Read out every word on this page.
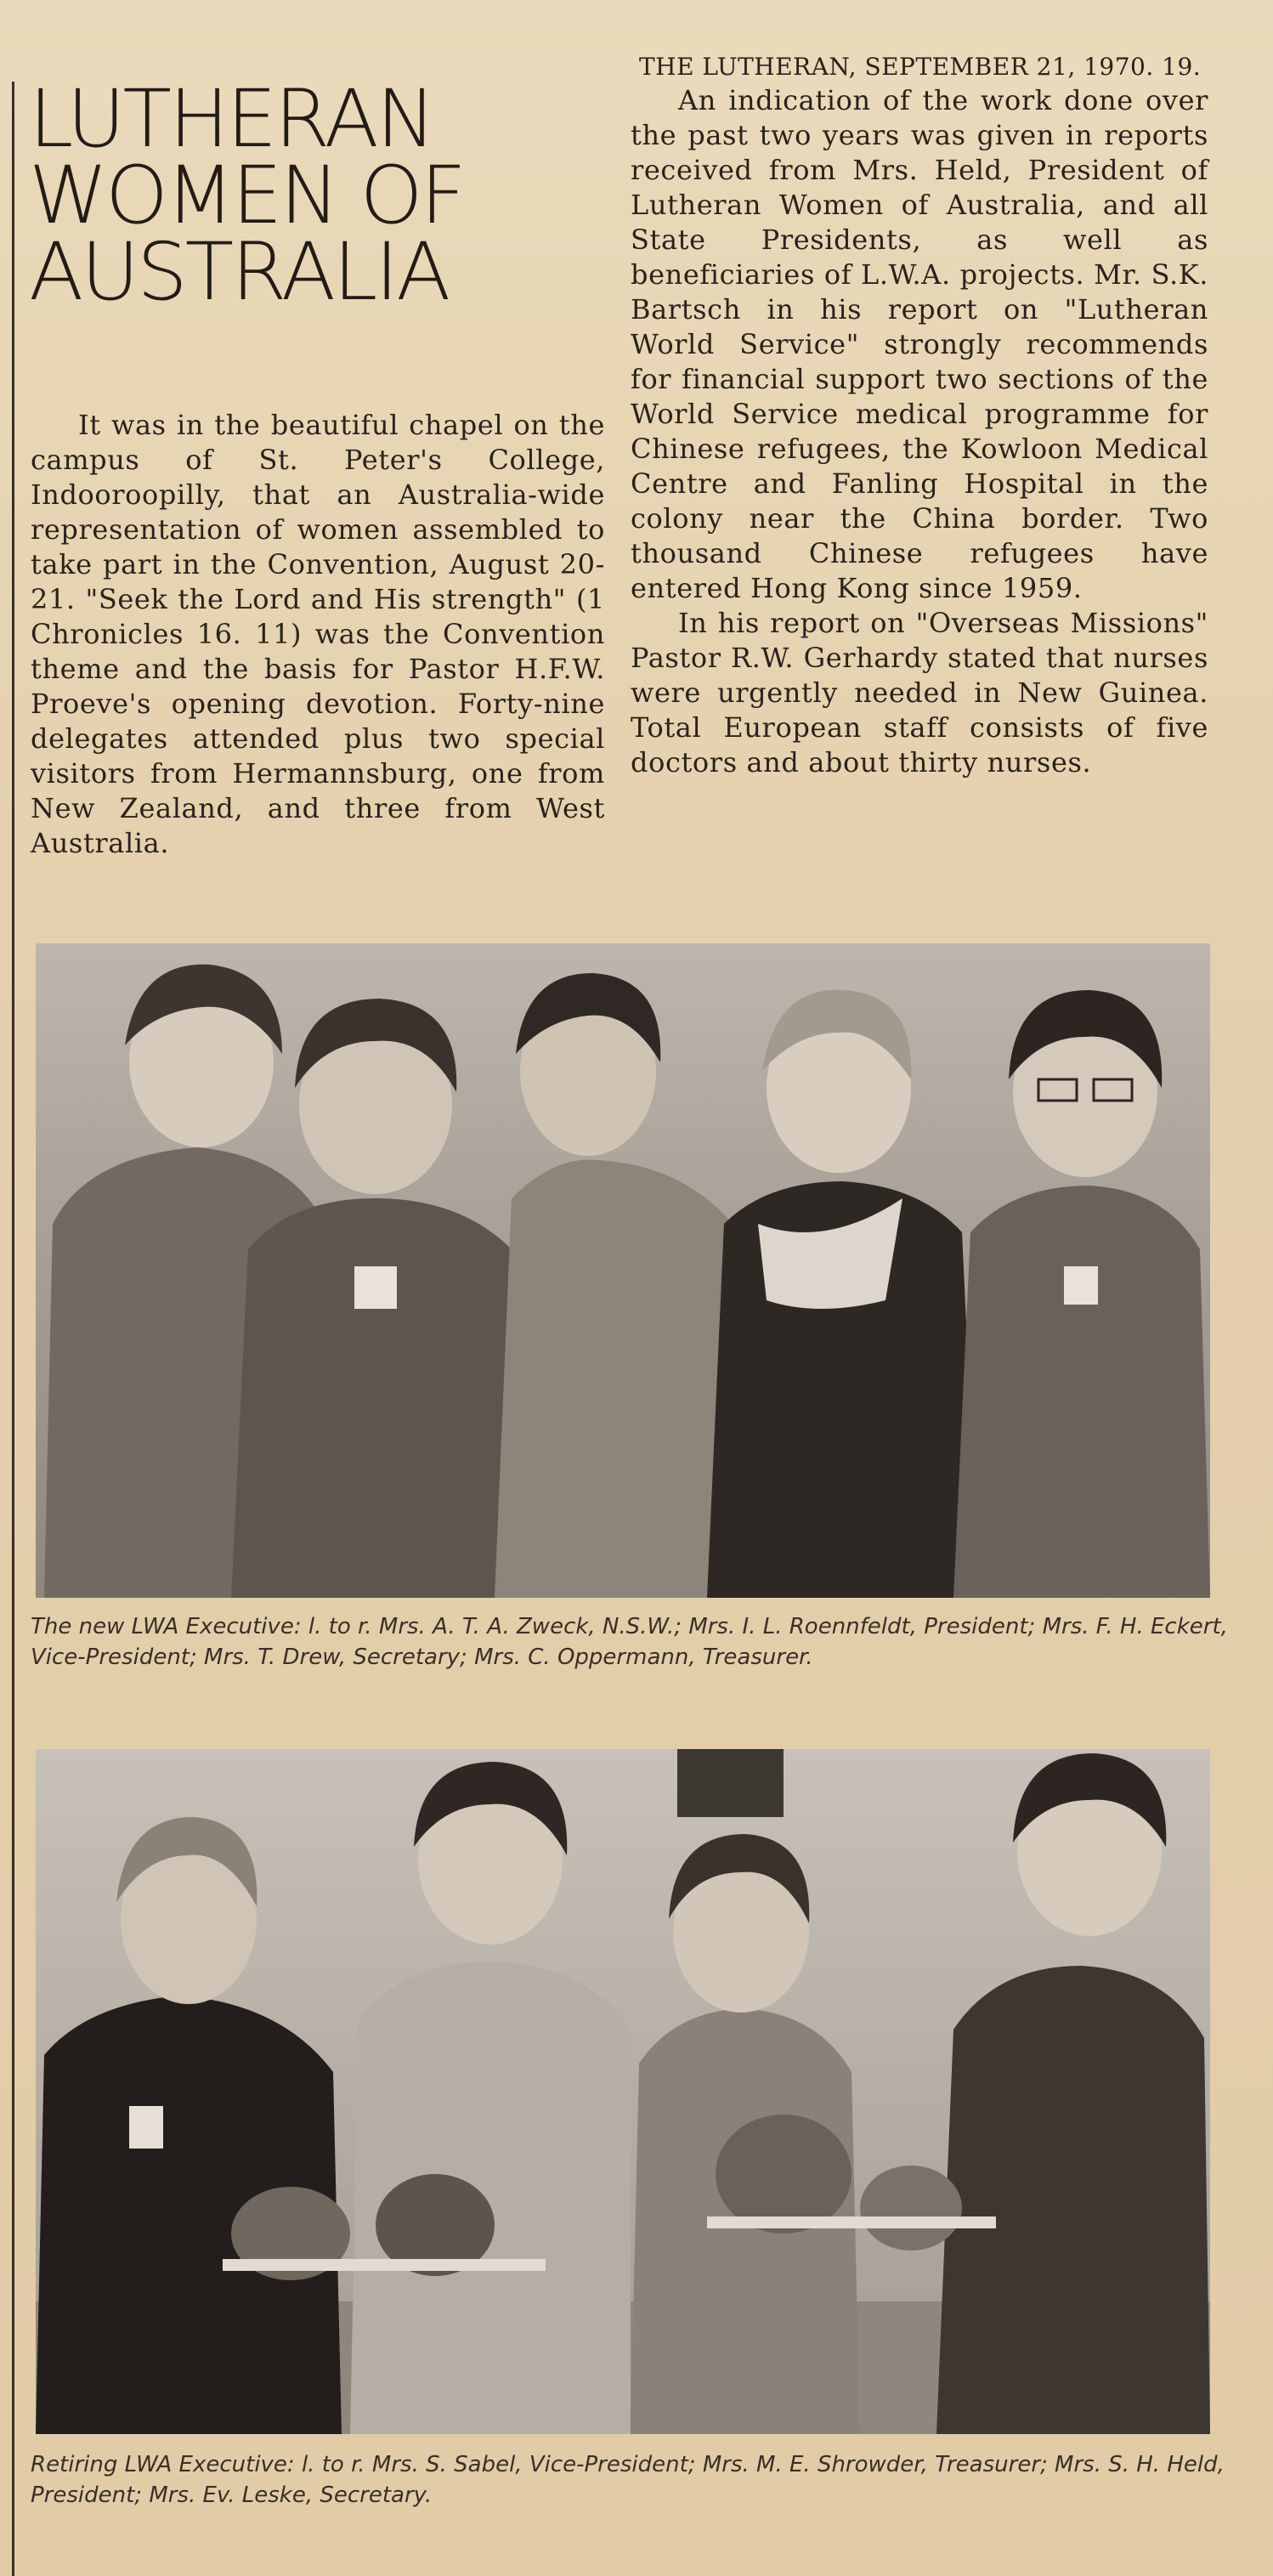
LUTHERAN
WOMEN OF
AUSTRALIA

THE LUTHERAN, SEPTEMBER 21, 1970. 19.

It was in the beautiful chapel on the campus of St. Peter's College, Indooroopilly, that an Australia-wide representation of women assembled to take part in the Convention, August 20-21. "Seek the Lord and His strength" (1 Chronicles 16. 11) was the Convention theme and the basis for Pastor H.F.W. Proeve's opening devotion. Forty-nine delegates attended plus two special visitors from Hermannsburg, one from New Zealand, and three from West Australia.

An indication of the work done over the past two years was given in reports received from Mrs. Held, President of Lutheran Women of Australia, and all State Presidents, as well as beneficiaries of L.W.A. projects. Mr. S.K. Bartsch in his report on "Lutheran World Service" strongly recommends for financial support two sections of the World Service medical programme for Chinese refugees, the Kowloon Medical Centre and Fanling Hospital in the colony near the China border. Two thousand Chinese refugees have entered Hong Kong since 1959.

In his report on "Overseas Missions" Pastor R.W. Gerhardy stated that nurses were urgently needed in New Guinea. Total European staff consists of five doctors and about thirty nurses.

The new LWA Executive: l. to r. Mrs. A. T. A. Zweck, N.S.W.; Mrs. I. L. Roennfeldt, President; Mrs. F. H. Eckert, Vice-President; Mrs. T. Drew, Secretary; Mrs. C. Oppermann, Treasurer.

Retiring LWA Executive: l. to r. Mrs. S. Sabel, Vice-President; Mrs. M. E. Shrowder, Treasurer; Mrs. S. H. Held, President; Mrs. Ev. Leske, Secretary.
